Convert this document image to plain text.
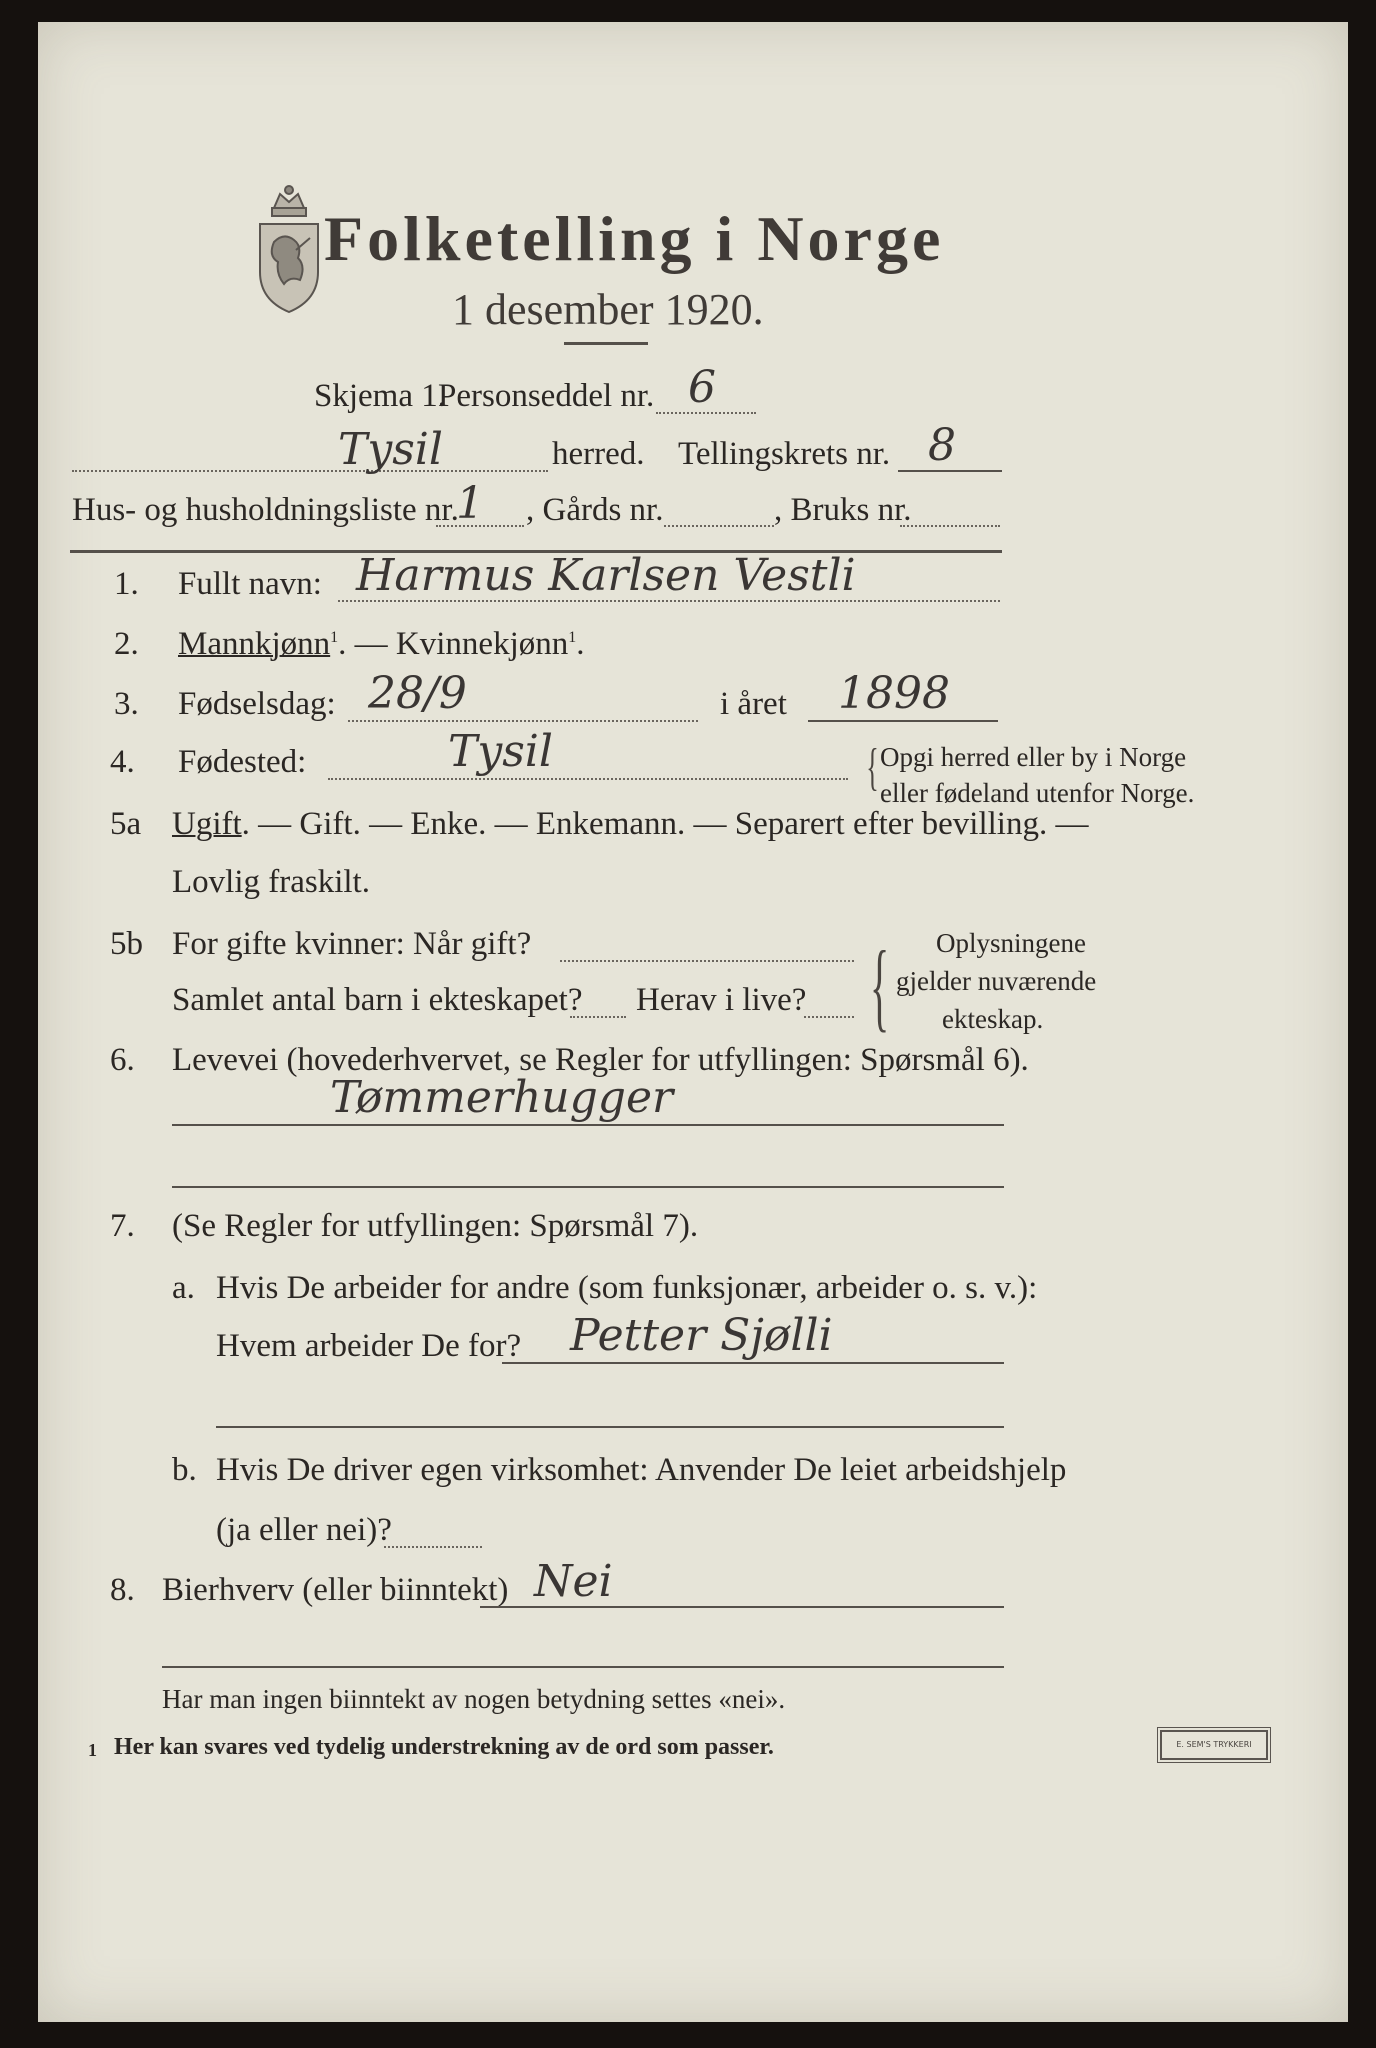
Folketelling i Norge
1 desember 1920.
Skjema 1.
Personseddel nr. 6
Tysil	herred. Tellingskrets nr. 8
Hus- og husholdningsliste nr.
1 , Gårds nr.	, Bruks nr.
1. Fullt navn: Harmus Karlsen Vestli
2. Mannkjønn$^1$. — Kvinnekjønn$^1$.
3. Fødselsdag: 28/9	i året 1898
4. Fødested:	Tysil	{ Opgi herred eller by i Norge
eller fødeland utenfor Norge.
5a Ugift. — Gift. — Enke. — Enkemann. — Separert efter bevilling. —
Lovlig fraskilt.
5b For gifte kvinner: Når gift?
Samlet antal barn i ekteskapet? Herav i live? { Oplysningene
gjelder nuværende
ekteskap.
6. Levevei (hovederhvervet, se Regler for utfyllingen: Spørsmål 6).
Tømmerhugger
7. (Se Regler for utfyllingen: Spørsmål 7).
a. Hvis De arbeider for andre (som funksjonær, arbeider o. s. v.):
Hvem arbeider De for? Petter Sjølli
b. Hvis De driver egen virksomhet: Anvender De leiet arbeidshjelp
(ja eller nei)?
8. Bierhverv (eller biinntekt) Nei
Har man ingen biinntekt av nogen betydning settes «nei».
1 Her kan svares ved tydelig understrekning av de ord som passer.	E. SEM'S TRYKKERI
